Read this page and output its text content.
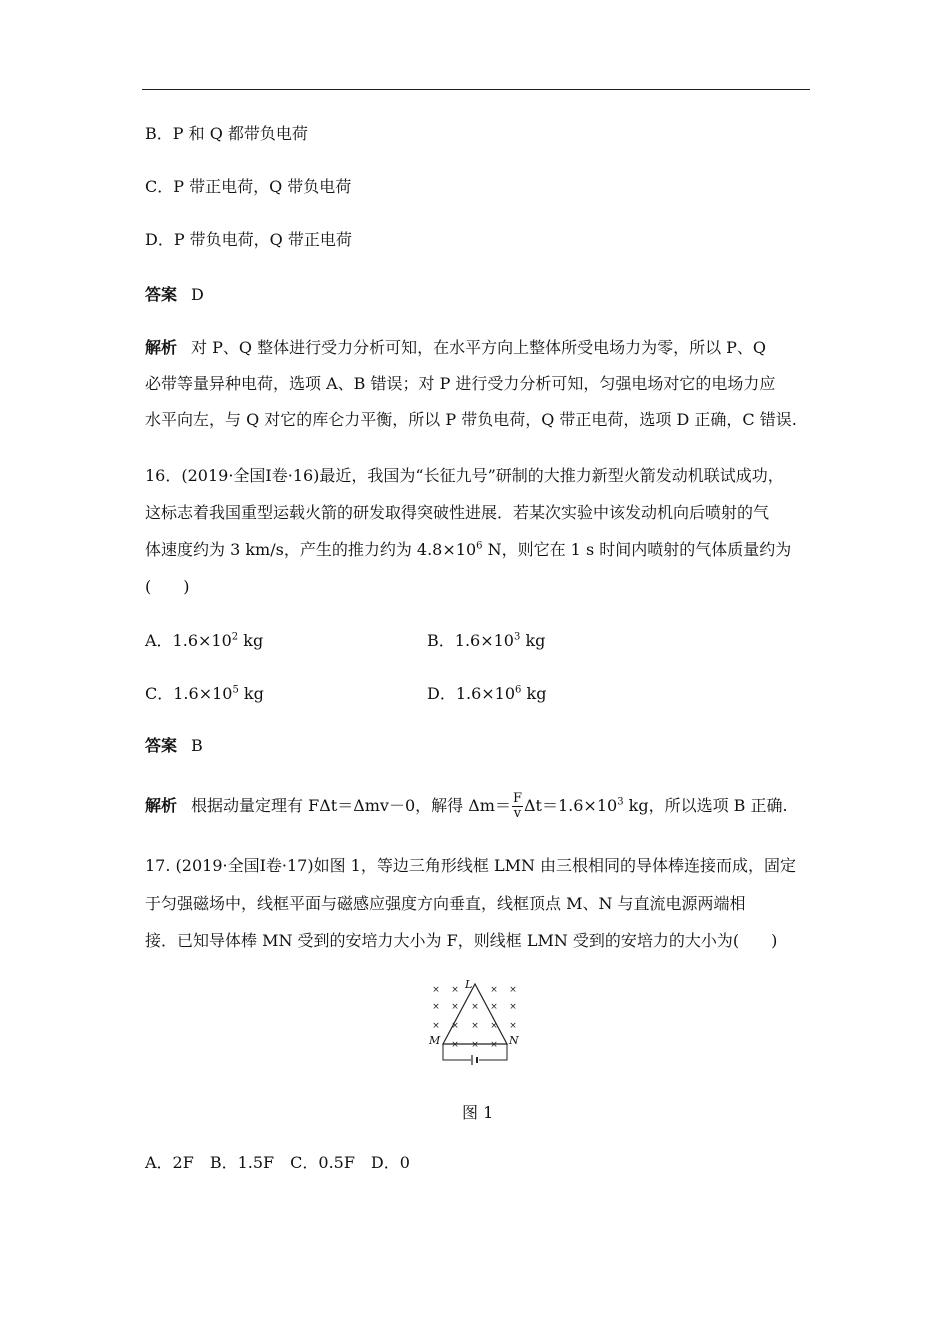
B．P 和 Q 都带负电荷
C．P 带正电荷，Q 带负电荷
D．P 带负电荷，Q 带正电荷
答案 D
解析 对 P、Q 整体进行受力分析可知，在水平方向上整体所受电场力为零，所以 P、Q
必带等量异种电荷，选项 A、B 错误；对 P 进行受力分析可知，匀强电场对它的电场力应
水平向左，与 Q 对它的库仑力平衡，所以 P 带负电荷，Q 带正电荷，选项 D 正确，C 错误.
16．(2019·全国Ⅰ卷·16)最近，我国为“长征九号”研制的大推力新型火箭发动机联试成功，
这标志着我国重型运载火箭的研发取得突破性进展．若某次实验中该发动机向后喷射的气
体速度约为 3 km/s，产生的推力约为 $4.8\times 10^6$ N，则它在 1 s 时间内喷射的气体质量约为
(　　)
A．$1.6\times 10^2$ kg	B．$1.6\times 10^3$ kg
C．$1.6\times 10^5$ kg	D．$1.6\times 10^6$ kg
答案 B
解析 根据动量定理有 FΔt＝Δmv－0，解得 $\Delta m= \frac{F}{v} \Delta t=1.6\times 10^3$ kg，所以选项 B 正确.
17. (2019·全国Ⅰ卷·17)如图 1，等边三角形线框 LMN 由三根相同的导体棒连接而成，固定
于匀强磁场中，线框平面与磁感应强度方向垂直，线框顶点 M、N 与直流电源两端相
接．已知导体棒 MN 受到的安培力大小为 F，则线框 LMN 受到的安培力的大小为(　　)
× ×	× ×
× × × × ×
× × × × ×
× × ×
L
M	N
图 1
A．2F　B．1.5F　C．0.5F　D．0
